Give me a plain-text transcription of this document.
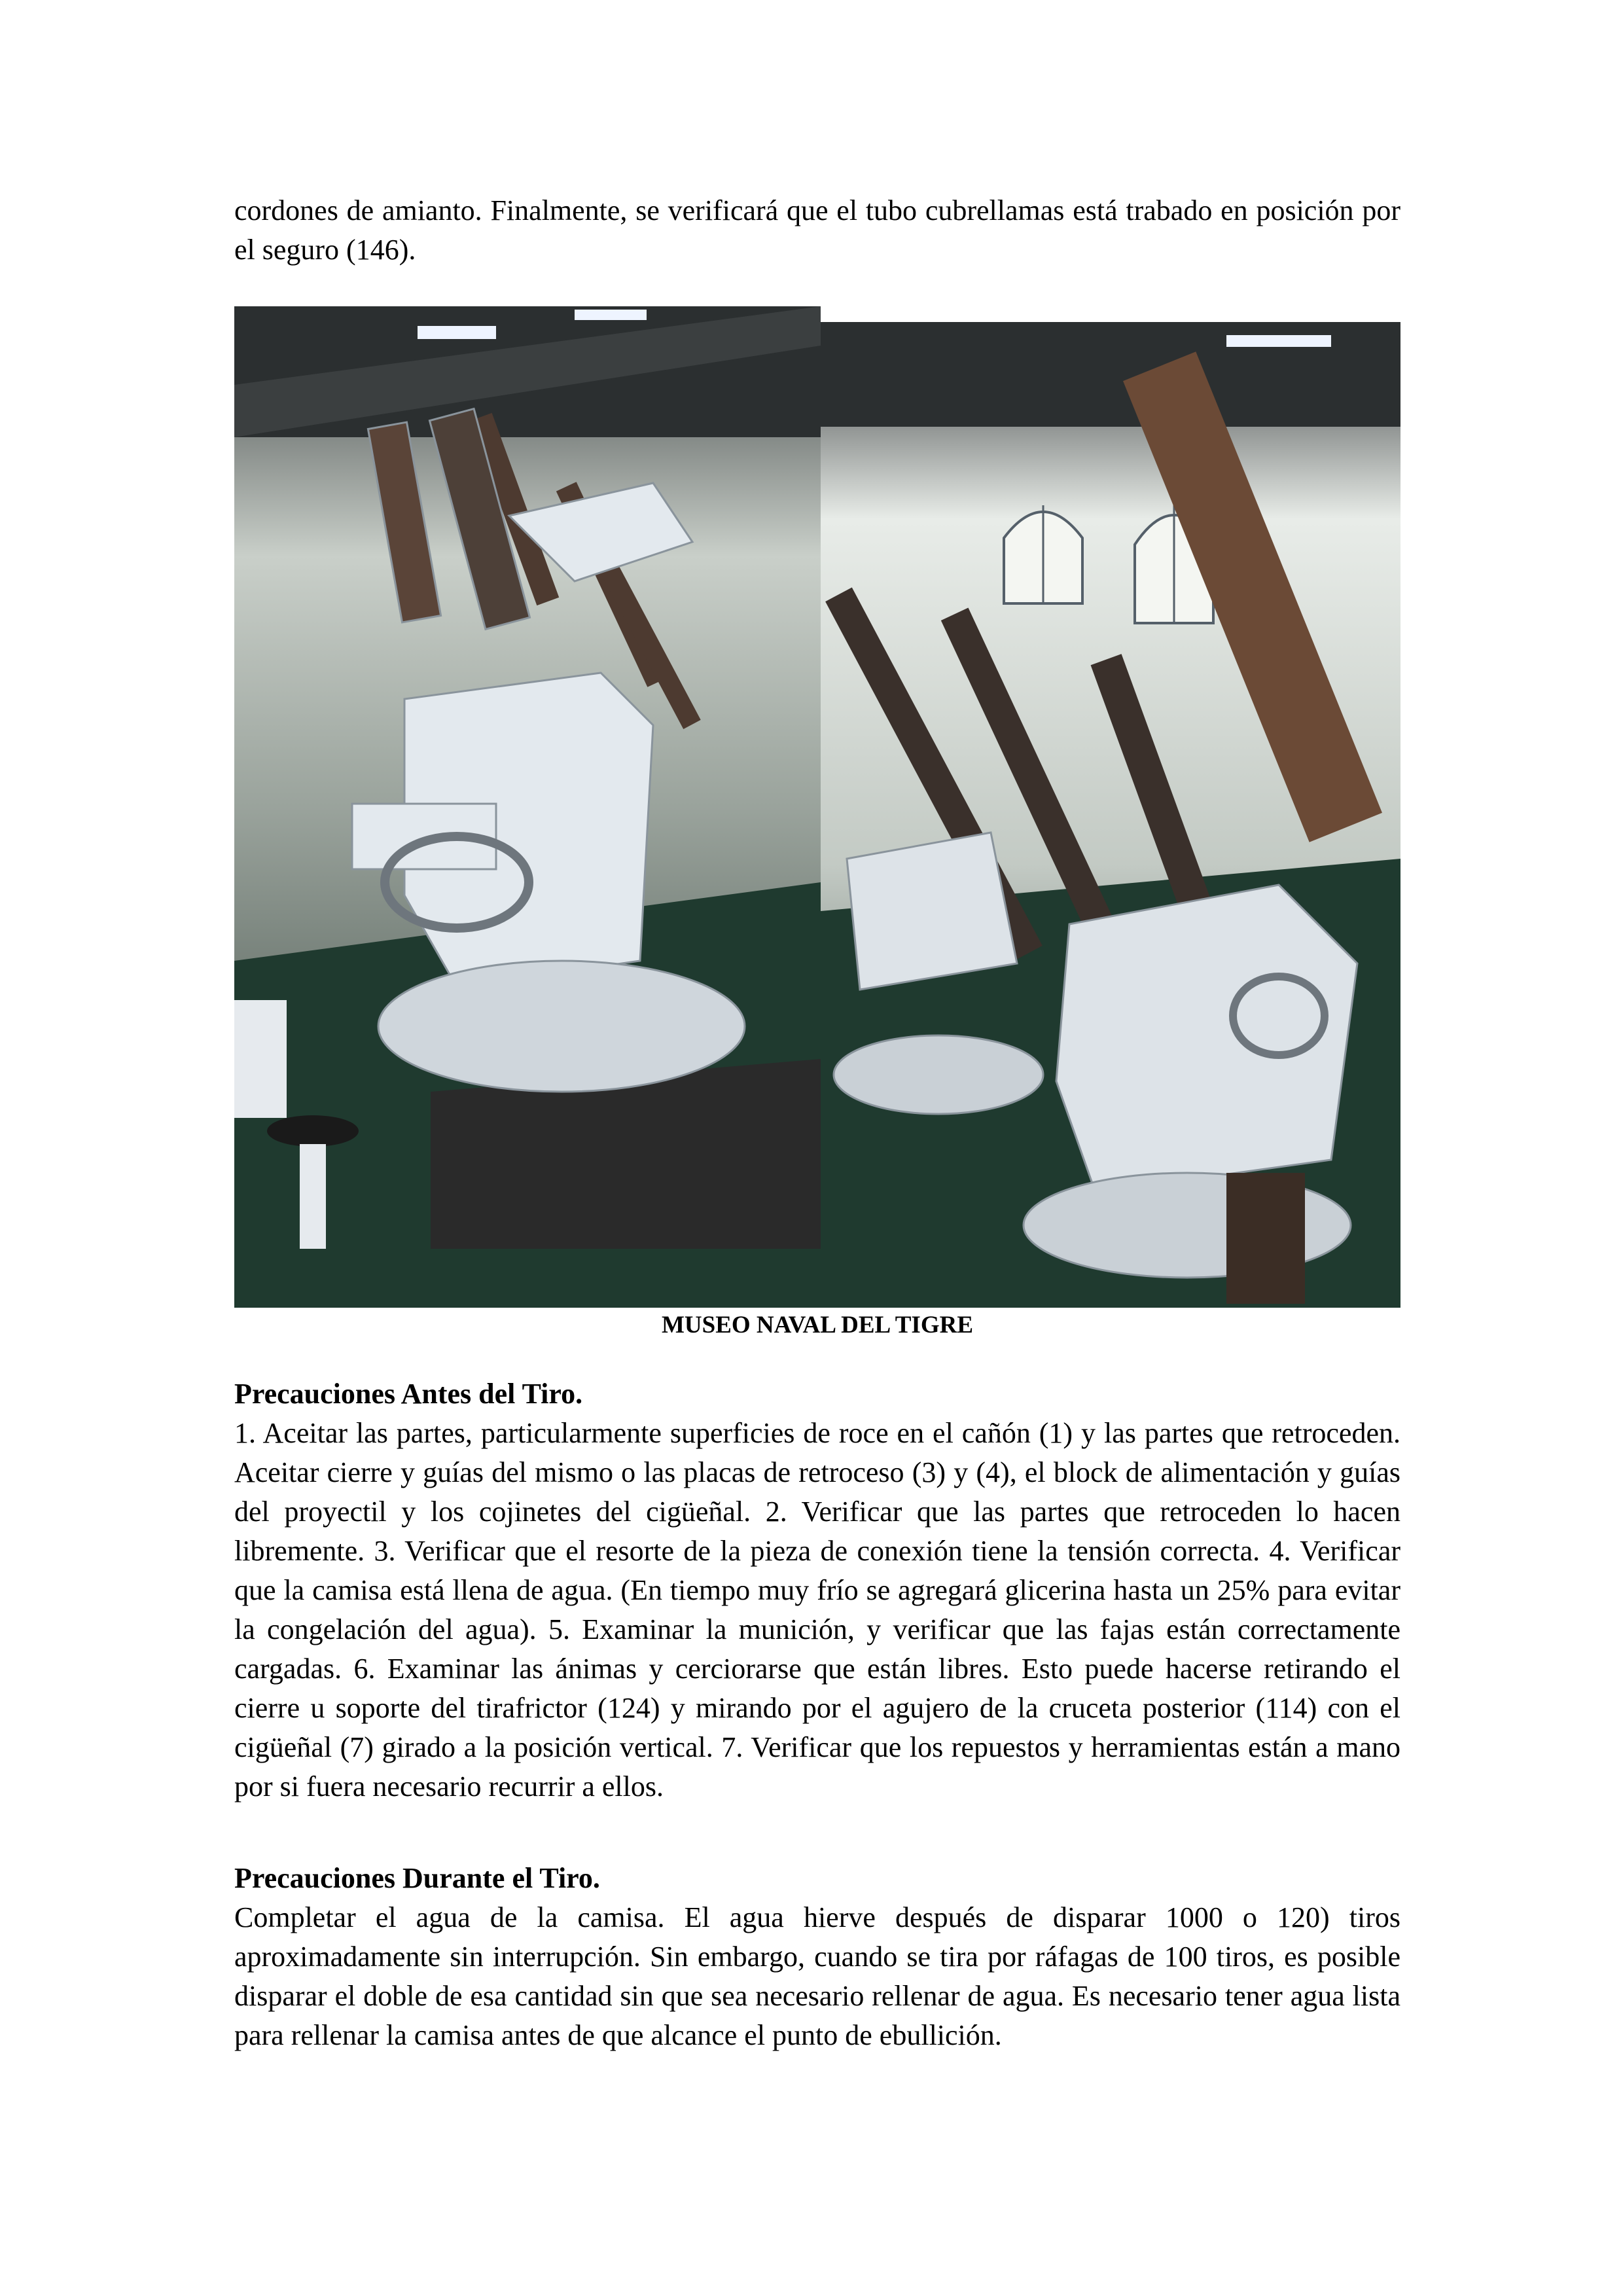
cordones de amianto. Finalmente, se verificará que el tubo cubrellamas está trabado en posición por el seguro (146).

MUSEO NAVAL DEL TIGRE

Precauciones Antes del Tiro.

1. Aceitar las partes, particularmente superficies de roce en el cañón (1) y las partes que retroceden. Aceitar cierre y guías del mismo o las placas de retroceso (3) y (4), el block de alimentación y guías del proyectil y los cojinetes del cigüeñal. 2. Verificar que las partes que retroceden lo hacen libremente. 3. Verificar que el resorte de la pieza de conexión tiene la tensión correcta. 4. Verificar que la camisa está llena de agua. (En tiempo muy frío se agregará glicerina hasta un 25% para evitar la congelación del agua). 5. Examinar la munición, y verificar que las fajas están correctamente cargadas. 6. Examinar las ánimas y cerciorarse que están libres. Esto puede hacerse retirando el cierre u soporte del tirafrictor (124) y mirando por el agujero de la cruceta posterior (114) con el cigüeñal (7) girado a la posición vertical. 7. Verificar que los repuestos y herramientas están a mano por si fuera necesario recurrir a ellos.

Precauciones Durante el Tiro.

Completar el agua de la camisa. El agua hierve después de disparar 1000 o 120) tiros aproximadamente sin interrupción. Sin embargo, cuando se tira por ráfagas de 100 tiros, es posible disparar el doble de esa cantidad sin que sea necesario rellenar de agua. Es necesario tener agua lista para rellenar la camisa antes de que alcance el punto de ebullición.
